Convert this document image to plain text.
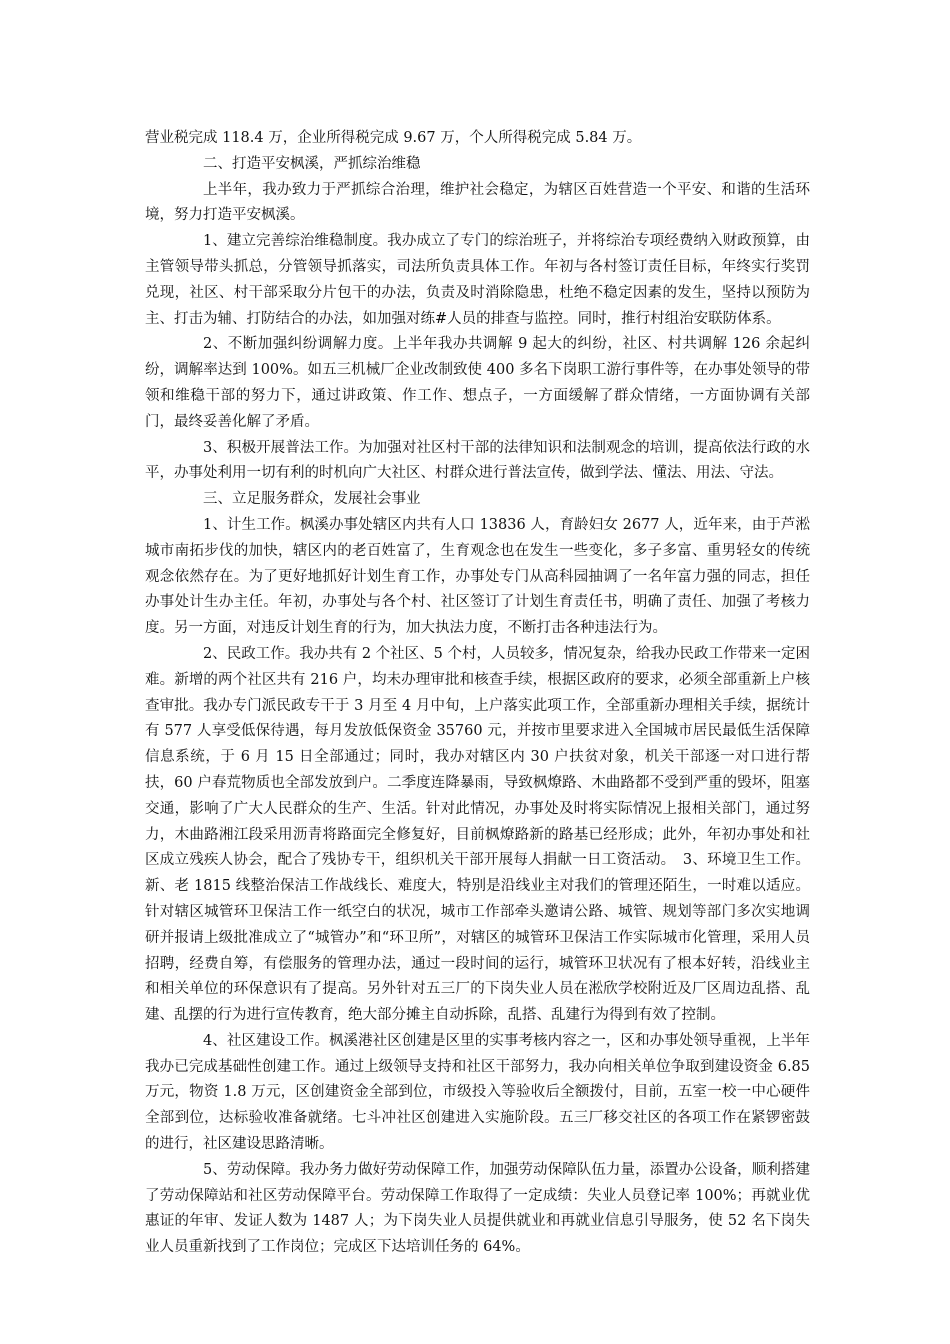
营业税完成 118.4 万，企业所得税完成 9.67 万，个人所得税完成 5.84 万。

二、打造平安枫溪，严抓综治维稳

上半年，我办致力于严抓综合治理，维护社会稳定，为辖区百姓营造一个平安、和谐的生活环境，努力打造平安枫溪。

1、建立完善综治维稳制度。我办成立了专门的综治班子，并将综治专项经费纳入财政预算，由主管领导带头抓总，分管领导抓落实，司法所负责具体工作。年初与各村签订责任目标，年终实行奖罚兑现，社区、村干部采取分片包干的办法，负责及时消除隐患，杜绝不稳定因素的发生，坚持以预防为主、打击为辅、打防结合的办法，如加强对练#人员的排查与监控。同时，推行村组治安联防体系。

2、不断加强纠纷调解力度。上半年我办共调解 9 起大的纠纷，社区、村共调解 126 余起纠纷，调解率达到 100%。如五三机械厂企业改制致使 400 多名下岗职工游行事件等，在办事处领导的带领和维稳干部的努力下，通过讲政策、作工作、想点子，一方面缓解了群众情绪，一方面协调有关部门，最终妥善化解了矛盾。

3、积极开展普法工作。为加强对社区村干部的法律知识和法制观念的培训，提高依法行政的水平，办事处利用一切有利的时机向广大社区、村群众进行普法宣传，做到学法、懂法、用法、守法。

三、立足服务群众，发展社会事业

1、计生工作。枫溪办事处辖区内共有人口 13836 人，育龄妇女 2677 人，近年来，由于芦淞城市南拓步伐的加快，辖区内的老百姓富了，生育观念也在发生一些变化，多子多富、重男轻女的传统观念依然存在。为了更好地抓好计划生育工作，办事处专门从高科园抽调了一名年富力强的同志，担任办事处计生办主任。年初，办事处与各个村、社区签订了计划生育责任书，明确了责任、加强了考核力度。另一方面，对违反计划生育的行为，加大执法力度，不断打击各种违法行为。

2、民政工作。我办共有 2 个社区、5 个村，人员较多，情况复杂，给我办民政工作带来一定困难。新增的两个社区共有 216 户，均未办理审批和核查手续，根据区政府的要求，必须全部重新上户核查审批。我办专门派民政专干于 3 月至 4 月中旬，上户落实此项工作，全部重新办理相关手续，据统计有 577 人享受低保待遇，每月发放低保资金 35760 元，并按市里要求进入全国城市居民最低生活保障信息系统，于 6 月 15 日全部通过；同时，我办对辖区内 30 户扶贫对象，机关干部逐一对口进行帮扶，60 户春荒物质也全部发放到户。二季度连降暴雨，导致枫燎路、木曲路都不受到严重的毁坏，阻塞交通，影响了广大人民群众的生产、生活。针对此情况，办事处及时将实际情况上报相关部门，通过努力，木曲路湘江段采用沥青将路面完全修复好，目前枫燎路新的路基已经形成；此外，年初办事处和社区成立残疾人协会，配合了残协专干，组织机关干部开展每人捐献一日工资活动。　3、环境卫生工作。新、老 1815 线整治保洁工作战线长、难度大，特别是沿线业主对我们的管理还陌生，一时难以适应。针对辖区城管环卫保洁工作一纸空白的状况，城市工作部牵头邀请公路、城管、规划等部门多次实地调研并报请上级批准成立了“城管办”和“环卫所”，对辖区的城管环卫保洁工作实际城市化管理，采用人员招聘，经费自筹，有偿服务的管理办法，通过一段时间的运行，城管环卫状况有了根本好转，沿线业主和相关单位的环保意识有了提高。另外针对五三厂的下岗失业人员在淞欣学校附近及厂区周边乱搭、乱建、乱摆的行为进行宣传教育，绝大部分摊主自动拆除，乱搭、乱建行为得到有效了控制。

4、社区建设工作。枫溪港社区创建是区里的实事考核内容之一，区和办事处领导重视，上半年我办已完成基础性创建工作。通过上级领导支持和社区干部努力，我办向相关单位争取到建设资金 6.85 万元，物资 1.8 万元，区创建资金全部到位，市级投入等验收后全额拨付，目前，五室一校一中心硬件全部到位，达标验收准备就绪。七斗冲社区创建进入实施阶段。五三厂移交社区的各项工作在紧锣密鼓的进行，社区建设思路清晰。

5、劳动保障。我办务力做好劳动保障工作，加强劳动保障队伍力量，添置办公设备，顺利搭建了劳动保障站和社区劳动保障平台。劳动保障工作取得了一定成绩：失业人员登记率 100%；再就业优惠证的年审、发证人数为 1487 人；为下岗失业人员提供就业和再就业信息引导服务，使 52 名下岗失业人员重新找到了工作岗位；完成区下达培训任务的 64%。
